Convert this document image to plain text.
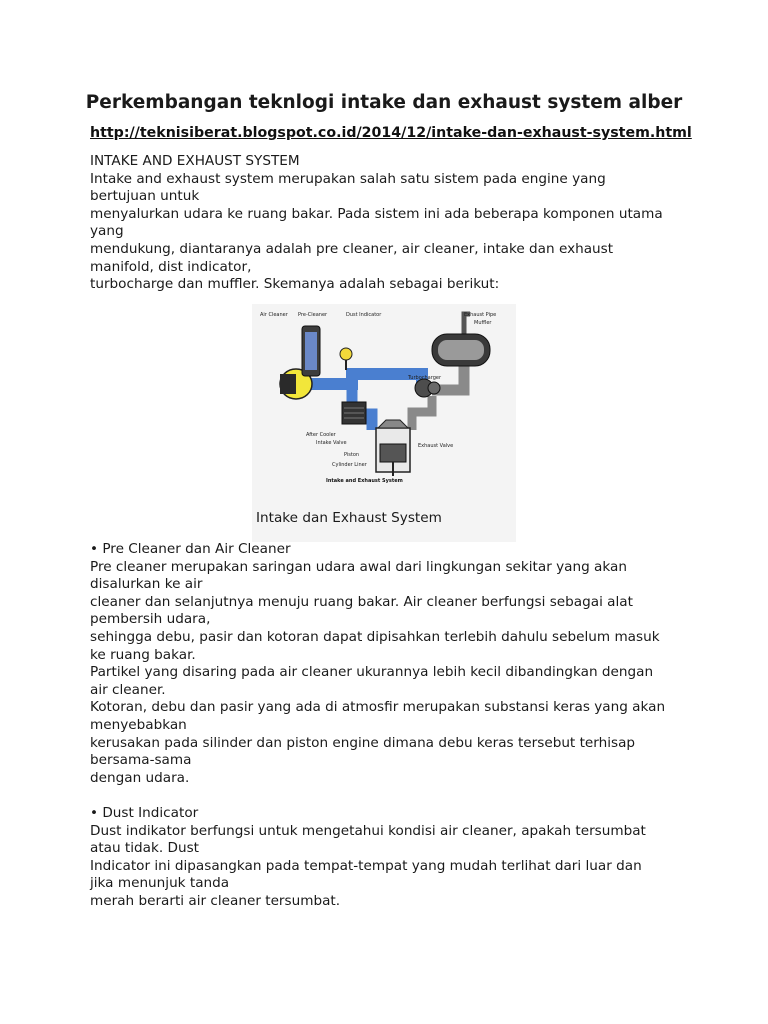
Perkembangan teknlogi intake dan exhaust system alber
http://teknisiberat.blogspot.co.id/2014/12/intake-dan-exhaust-system.html
INTAKE AND EXHAUST SYSTEM
Intake and exhaust system merupakan salah satu sistem pada engine yang
bertujuan untuk
menyalurkan udara ke ruang bakar. Pada sistem ini ada beberapa komponen utama
yang
mendukung, diantaranya adalah pre cleaner, air cleaner, intake dan exhaust
manifold, dist indicator,
turbocharge dan muffler. Skemanya adalah sebagai berikut:
Air Cleaner Pre-Cleaner	Dust Indicator	Exhaust Pipe
Muffler
Turbocharger
After Cooler
Intake Valve	Exhaust Valve
Piston
Cylinder Liner
Intake and Exhaust System
Intake dan Exhaust System
• Pre Cleaner dan Air Cleaner
Pre cleaner merupakan saringan udara awal dari lingkungan sekitar yang akan
disalurkan ke air
cleaner dan selanjutnya menuju ruang bakar. Air cleaner berfungsi sebagai alat
pembersih udara,
sehingga debu, pasir dan kotoran dapat dipisahkan terlebih dahulu sebelum masuk
ke ruang bakar.
Partikel yang disaring pada air cleaner ukurannya lebih kecil dibandingkan dengan
air cleaner.
Kotoran, debu dan pasir yang ada di atmosfir merupakan substansi keras yang akan
menyebabkan
kerusakan pada silinder dan piston engine dimana debu keras tersebut terhisap
bersama-sama
dengan udara.
• Dust Indicator
Dust indikator berfungsi untuk mengetahui kondisi air cleaner, apakah tersumbat
atau tidak. Dust
Indicator ini dipasangkan pada tempat-tempat yang mudah terlihat dari luar dan
jika menunjuk tanda
merah berarti air cleaner tersumbat.
